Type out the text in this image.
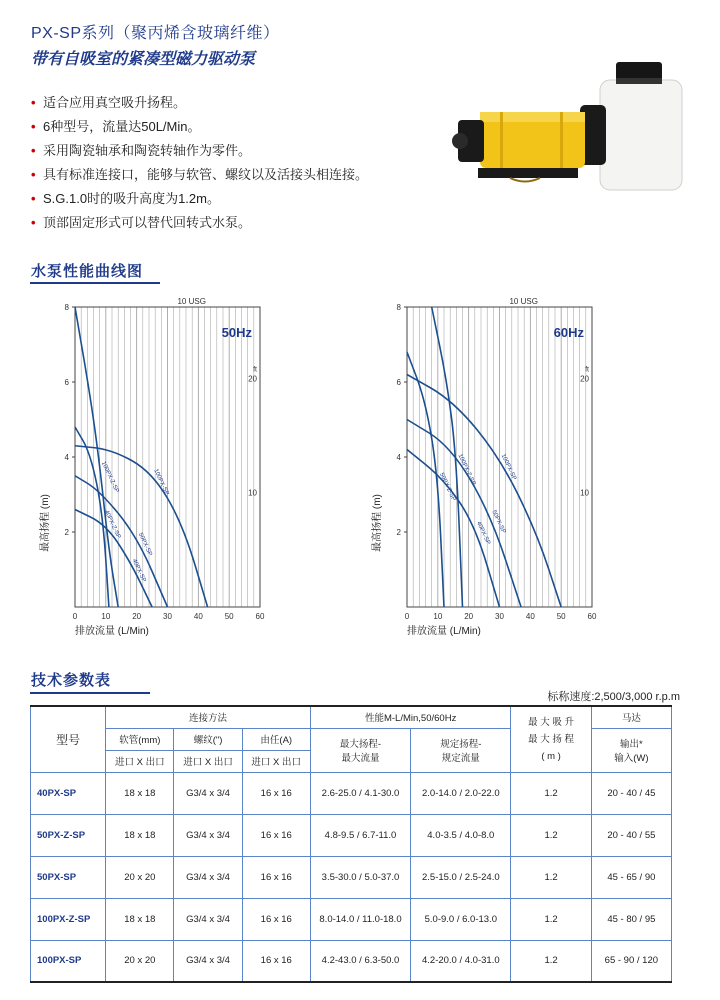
PX-SP系列（聚丙烯含玻璃纤维）
带有自吸室的紧凑型磁力驱动泵
• 适合应用真空吸升扬程。
• 6种型号，流量达50L/Min。
• 采用陶瓷轴承和陶瓷转轴作为零件。
• 具有标准连接口，能够与软管、螺纹以及活接头相连接。
• S.G.1.0时的吸升高度为1.2m。
• 顶部固定形式可以替代回转式水泵。
水泵性能曲线图
2
4
6
8
0	10	20	30	40	50	60
10
20
ft
10 USG
50Hz
100PX-Z-SP
40PX-Z-SP
100PX-SP
50PX-SP
40PX-SP
排放流量 (L/Min)
最高扬程 (m)	2
4
6
8
0	10	20	30	40	50	60
10
20
ft
10 USG
60Hz
100PX-Z-SP
50PX-Z-SP
100PX-SP
50PX-SP
40PX-SP
排放流量 (L/Min)
最高扬程 (m)
技术参数表
标称速度:2,500/3,000 r.p.m
型号	连接方法			性能M-L/Min,50/60Hz		最 大 吸 升
最 大 扬 程
( m )	马达
	软管(mm)	螺纹(")	由任(A)	最大扬程-
最大流量	规定扬程-
规定流量		输出*
输入(W)
	进口 X 出口	进口 X 出口	进口 X 出口				
40PX-SP	18 x 18	G3/4 x 3/4	16 x 16	2.6-25.0 / 4.1-30.0	2.0-14.0 / 2.0-22.0	1.2	20 - 40 / 45
50PX-Z-SP	18 x 18	G3/4 x 3/4	16 x 16	4.8-9.5 / 6.7-11.0	4.0-3.5 / 4.0-8.0	1.2	20 - 40 / 55
50PX-SP	20 x 20	G3/4 x 3/4	16 x 16	3.5-30.0 / 5.0-37.0	2.5-15.0 / 2.5-24.0	1.2	45 - 65 / 90
100PX-Z-SP	18 x 18	G3/4 x 3/4	16 x 16	8.0-14.0 / 11.0-18.0	5.0-9.0 / 6.0-13.0	1.2	45 - 80 / 95
100PX-SP	20 x 20	G3/4 x 3/4	16 x 16	4.2-43.0 / 6.3-50.0	4.2-20.0 / 4.0-31.0	1.2	65 - 90 / 120
